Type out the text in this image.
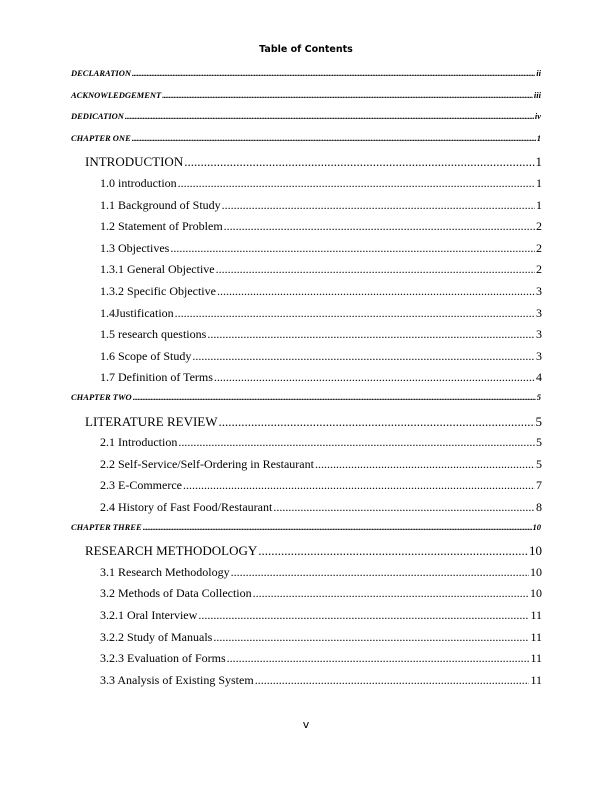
Table of Contents
DECLARATION .....	ii
ACKNOWLEDGEMENT .....	iii
DEDICATION .....	iv
CHAPTER ONE .....	1
INTRODUCTION .....	1
1.0 introduction .....	1
1.1 Background of Study .....	1
1.2 Statement of Problem .....	2
1.3 Objectives .....	2
1.3.1 General Objective .....	2
1.3.2 Specific Objective .....	3
1.4Justification .....	3
1.5 research questions .....	3
1.6 Scope of Study .....	3
1.7 Definition of Terms .....	4
CHAPTER TWO .....	5
LITERATURE REVIEW .....	5
2.1 Introduction .....	5
2.2 Self-Service/Self-Ordering in Restaurant .....	5
2.3 E-Commerce .....	7
2.4 History of Fast Food/Restaurant .....	8
CHAPTER THREE .....	10
RESEARCH METHODOLOGY .....	10
3.1 Research Methodology .....	10
3.2 Methods of Data Collection .....	10
3.2.1 Oral Interview .....	11
3.2.2 Study of Manuals .....	11
3.2.3 Evaluation of Forms .....	11
3.3 Analysis of Existing System .....	11
v
